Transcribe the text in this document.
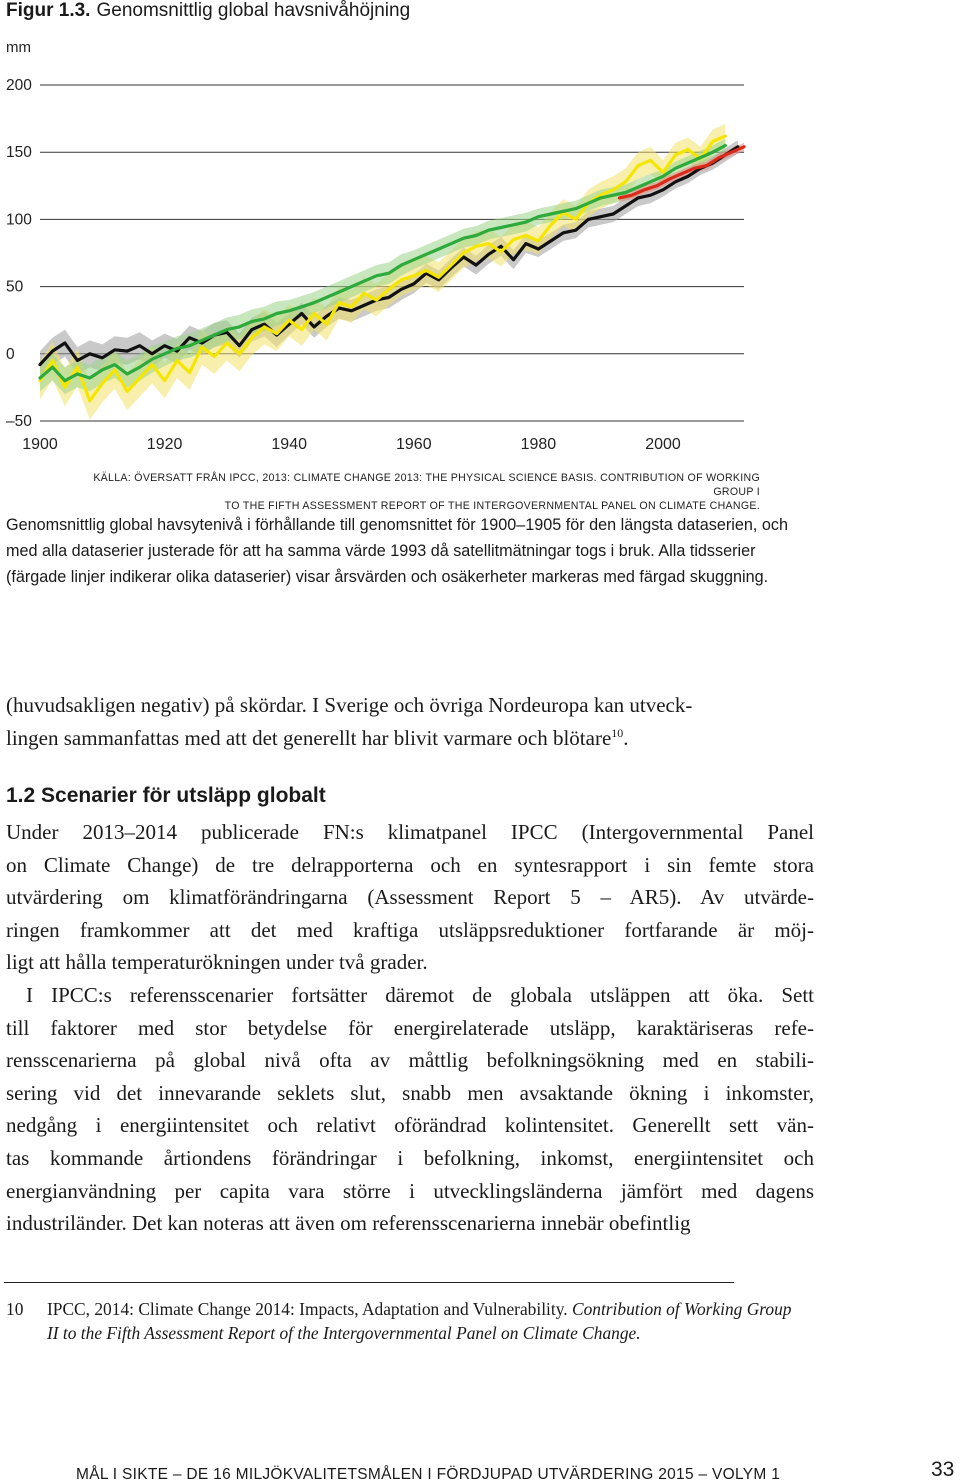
Figur 1.3. Genomsnittlig global havsnivåhöjning
mm
200
150
100
50
0
–50
1900	1920	1940	1960	1980	2000
KÄLLA: ÖVERSATT FRÅN IPCC, 2013: CLIMATE CHANGE 2013: THE PHYSICAL SCIENCE BASIS. CONTRIBUTION OF WORKING GROUP I
TO THE FIFTH ASSESSMENT REPORT OF THE INTERGOVERNMENTAL PANEL ON CLIMATE CHANGE.
Genomsnittlig global havsytenivå i förhållande till genomsnittet för 1900–1905 för den längsta dataserien, och med alla dataserier justerade för att ha samma värde 1993 då satellitmätningar togs i bruk. Alla tidsserier (färgade linjer indikerar olika dataserier) visar årsvärden och osäkerheter markeras med färgad skuggning.
(huvudsakligen negativ) på skördar. I Sverige och övriga Nordeuropa kan utveck-
lingen sammanfattas med att det generellt har blivit varmare och blötare$^{10}$.
1.2 Scenarier för utsläpp globalt
Under 2013–2014 publicerade FN:s klimatpanel IPCC (Intergovernmental Panel
on Climate Change) de tre delrapporterna och en syntesrapport i sin femte stora
utvärdering om klimatförändringarna (Assessment Report 5 – AR5). Av utvärde-
ringen framkommer att det med kraftiga utsläppsreduktioner fortfarande är möj-
ligt att hålla temperaturökningen under två grader.
I IPCC:s referensscenarier fortsätter däremot de globala utsläppen att öka. Sett
till faktorer med stor betydelse för energirelaterade utsläpp, karaktäriseras refe-
rensscenarierna på global nivå ofta av måttlig befolkningsökning med en stabili-
sering vid det innevarande seklets slut, snabb men avsaktande ökning i inkomster,
nedgång i energiintensitet och relativt oförändrad kolintensitet. Generellt sett vän-
tas kommande årtiondens förändringar i befolkning, inkomst, energiintensitet och
energianvändning per capita vara större i utvecklingsländerna jämfört med dagens
industriländer. Det kan noteras att även om referensscenarierna innebär obefintlig
10 IPCC, 2014: Climate Change 2014: Impacts, Adaptation and Vulnerability. Contribution of Working Group II to the Fifth Assessment Report of the Intergovernmental Panel on Climate Change.
MÅL I SIKTE – DE 16 MILJÖKVALITETSMÅLEN I FÖRDJUPAD UTVÄRDERING 2015 – VOLYM 1	33
